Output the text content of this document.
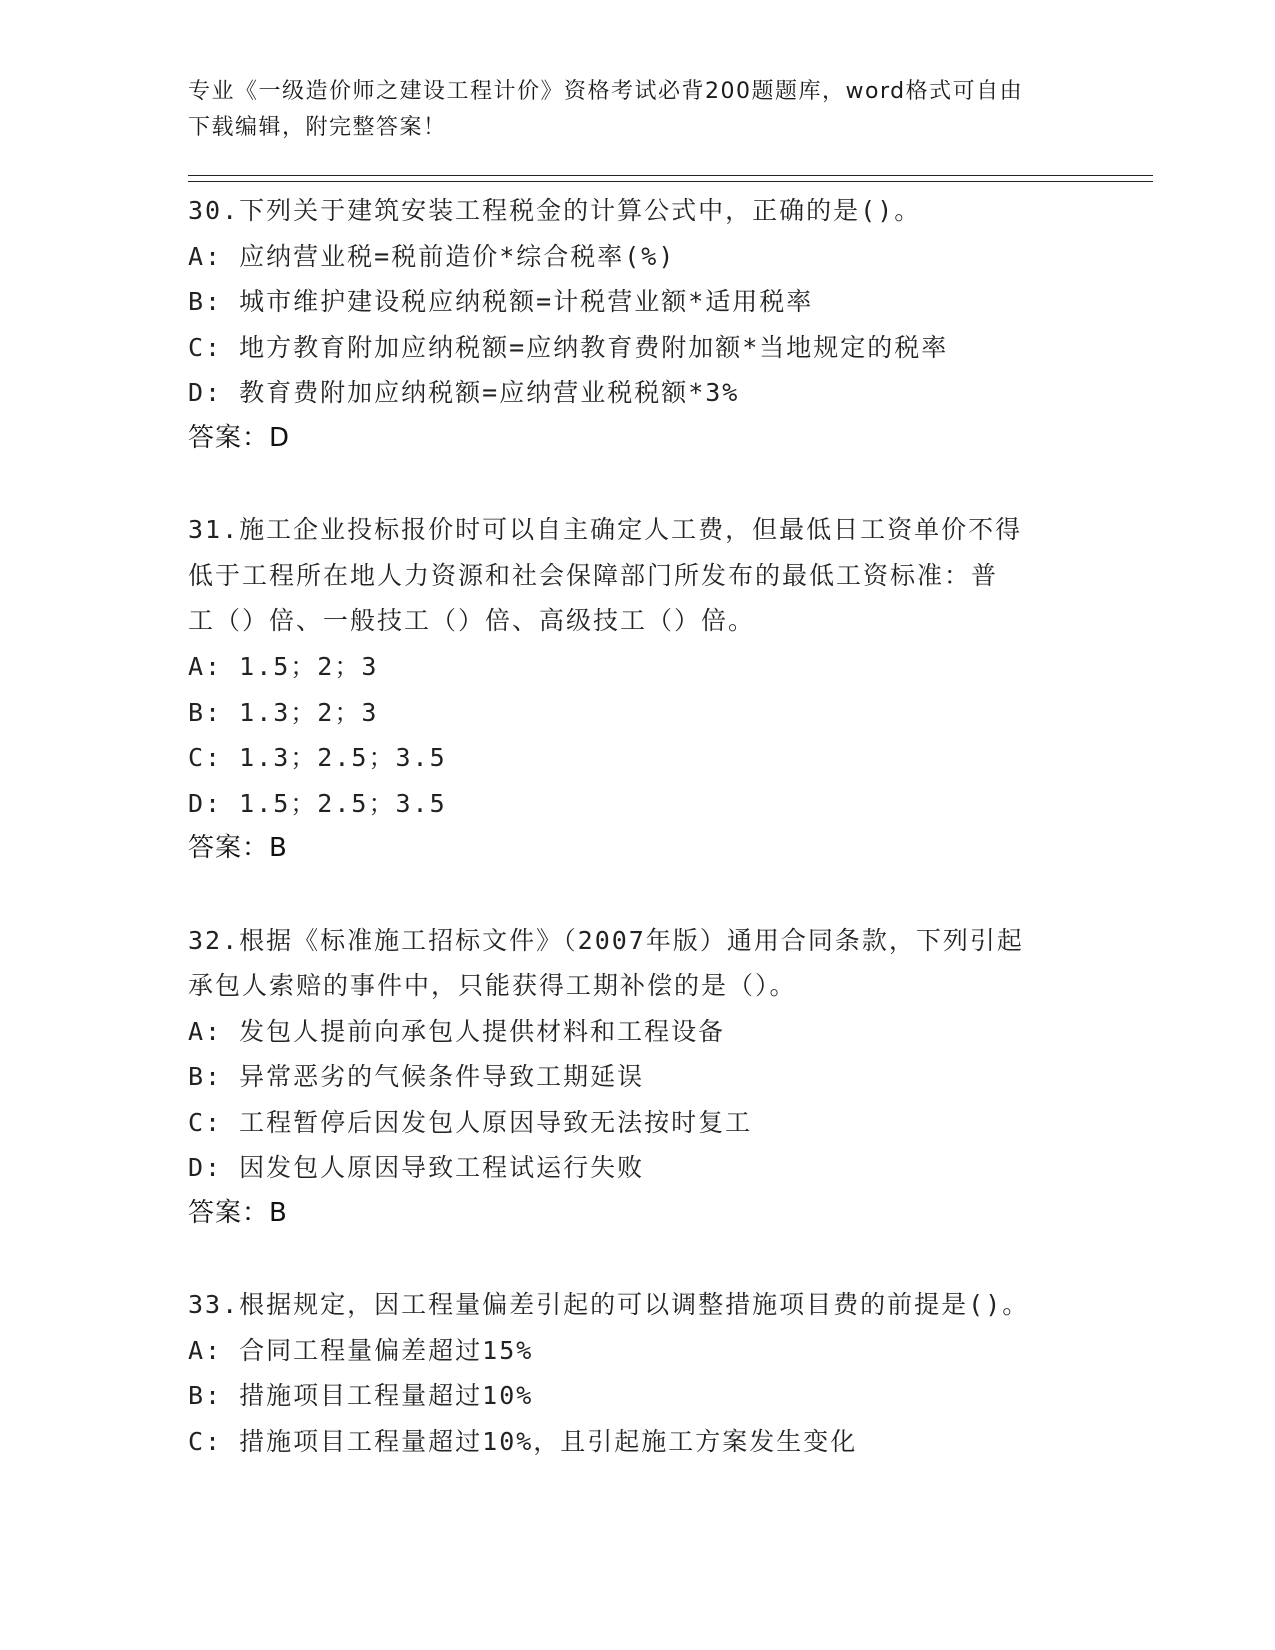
专业《一级造价师之建设工程计价》资格考试必背200题题库，word格式可自由
下载编辑，附完整答案！
30.下列关于建筑安装工程税金的计算公式中，正确的是()。
A: 应纳营业税=税前造价*综合税率(%)
B: 城市维护建设税应纳税额=计税营业额*适用税率
C: 地方教育附加应纳税额=应纳教育费附加额*当地规定的税率
D: 教育费附加应纳税额=应纳营业税税额*3%
答案：D
31.施工企业投标报价时可以自主确定人工费，但最低日工资单价不得
低于工程所在地人力资源和社会保障部门所发布的最低工资标准：普
工（）倍、一般技工（）倍、高级技工（）倍。
A: 1.5；2；3
B: 1.3；2；3
C: 1.3；2.5；3.5
D: 1.5；2.5；3.5
答案：B
32.根据《标准施工招标文件》（2007年版）通用合同条款，下列引起
承包人索赔的事件中，只能获得工期补偿的是（）。
A: 发包人提前向承包人提供材料和工程设备
B: 异常恶劣的气候条件导致工期延误
C: 工程暂停后因发包人原因导致无法按时复工
D: 因发包人原因导致工程试运行失败
答案：B
33.根据规定，因工程量偏差引起的可以调整措施项目费的前提是()。
A: 合同工程量偏差超过15%
B: 措施项目工程量超过10%
C: 措施项目工程量超过10%，且引起施工方案发生变化
